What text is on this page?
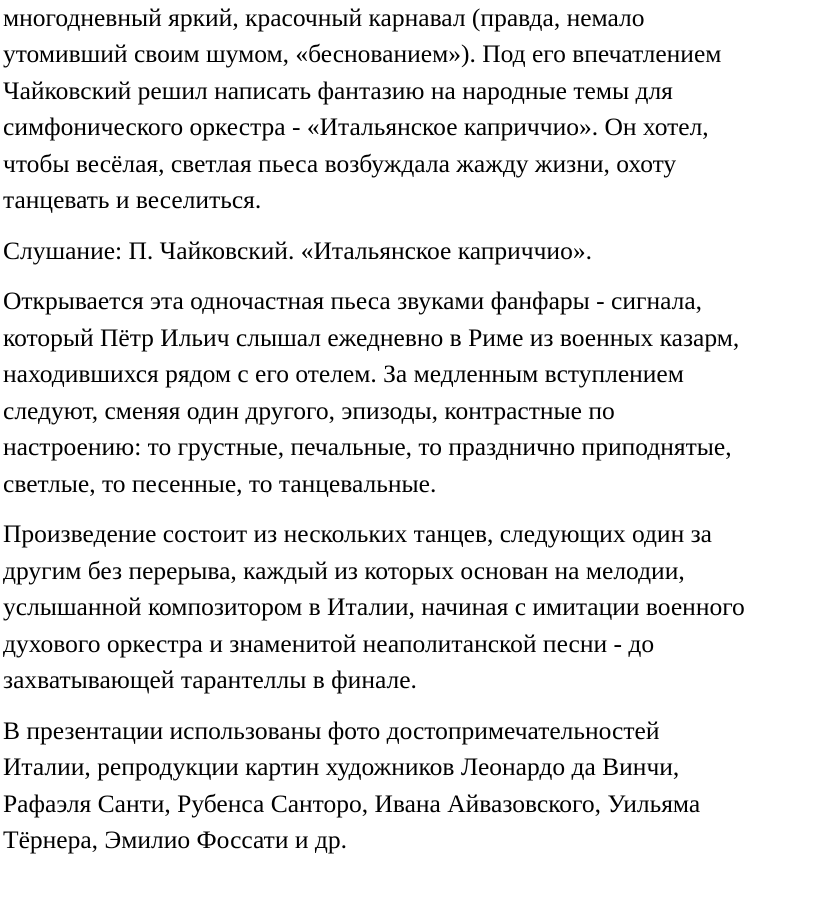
многодневный яркий, красочный карнавал (правда, немало
утомивший своим шумом, «беснованием»). Под его впечатлением
Чайковский решил написать фантазию на народные темы для
симфонического оркестра - «Итальянское каприччио». Он хотел,
чтобы весёлая, светлая пьеса возбуждала жажду жизни, охоту
танцевать и веселиться.
Слушание: П. Чайковский. «Итальянское каприччио».
Открывается эта одночастная пьеса звуками фанфары - сигнала,
который Пётр Ильич слышал ежедневно в Риме из военных казарм,
находившихся рядом с его отелем. За медленным вступлением
следуют, сменяя один другого, эпизоды, контрастные по
настроению: то грустные, печальные, то празднично приподнятые,
светлые, то песенные, то танцевальные.
Произведение состоит из нескольких танцев, следующих один за
другим без перерыва, каждый из которых основан на мелодии,
услышанной композитором в Италии, начиная с имитации военного
духового оркестра и знаменитой неаполитанской песни - до
захватывающей тарантеллы в финале.
В презентации использованы фото достопримечательностей
Италии, репродукции картин художников Леонардо да Винчи,
Рафаэля Санти, Рубенса Санторо, Ивана Айвазовского, Уильяма
Тёрнера, Эмилио Фоссати и др.
